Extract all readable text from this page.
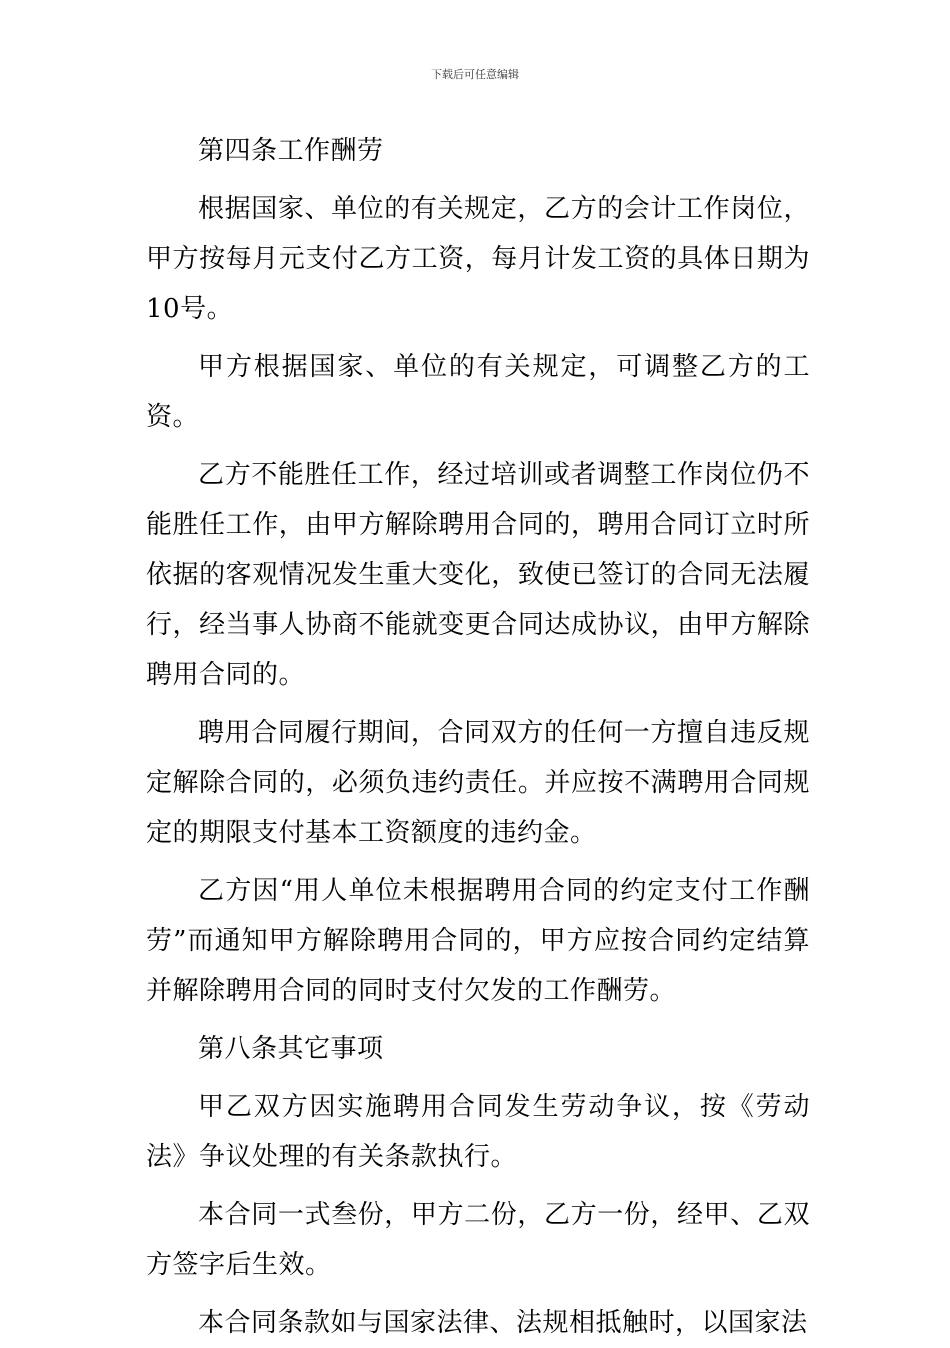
下载后可任意编辑

第四条工作酬劳

根据国家、单位的有关规定，乙方的会计工作岗位，甲方按每月元支付乙方工资，每月计发工资的具体日期为10号。

甲方根据国家、单位的有关规定，可调整乙方的工资。

乙方不能胜任工作，经过培训或者调整工作岗位仍不能胜任工作，由甲方解除聘用合同的，聘用合同订立时所依据的客观情况发生重大变化，致使已签订的合同无法履行，经当事人协商不能就变更合同达成协议，由甲方解除聘用合同的。

聘用合同履行期间，合同双方的任何一方擅自违反规定解除合同的，必须负违约责任。并应按不满聘用合同规定的期限支付基本工资额度的违约金。

乙方因“用人单位未根据聘用合同的约定支付工作酬劳”而通知甲方解除聘用合同的，甲方应按合同约定结算并解除聘用合同的同时支付欠发的工作酬劳。

第八条其它事项

甲乙双方因实施聘用合同发生劳动争议，按《劳动法》争议处理的有关条款执行。

本合同一式叁份，甲方二份，乙方一份，经甲、乙双方签字后生效。

本合同条款如与国家法律、法规相抵触时，以国家法
